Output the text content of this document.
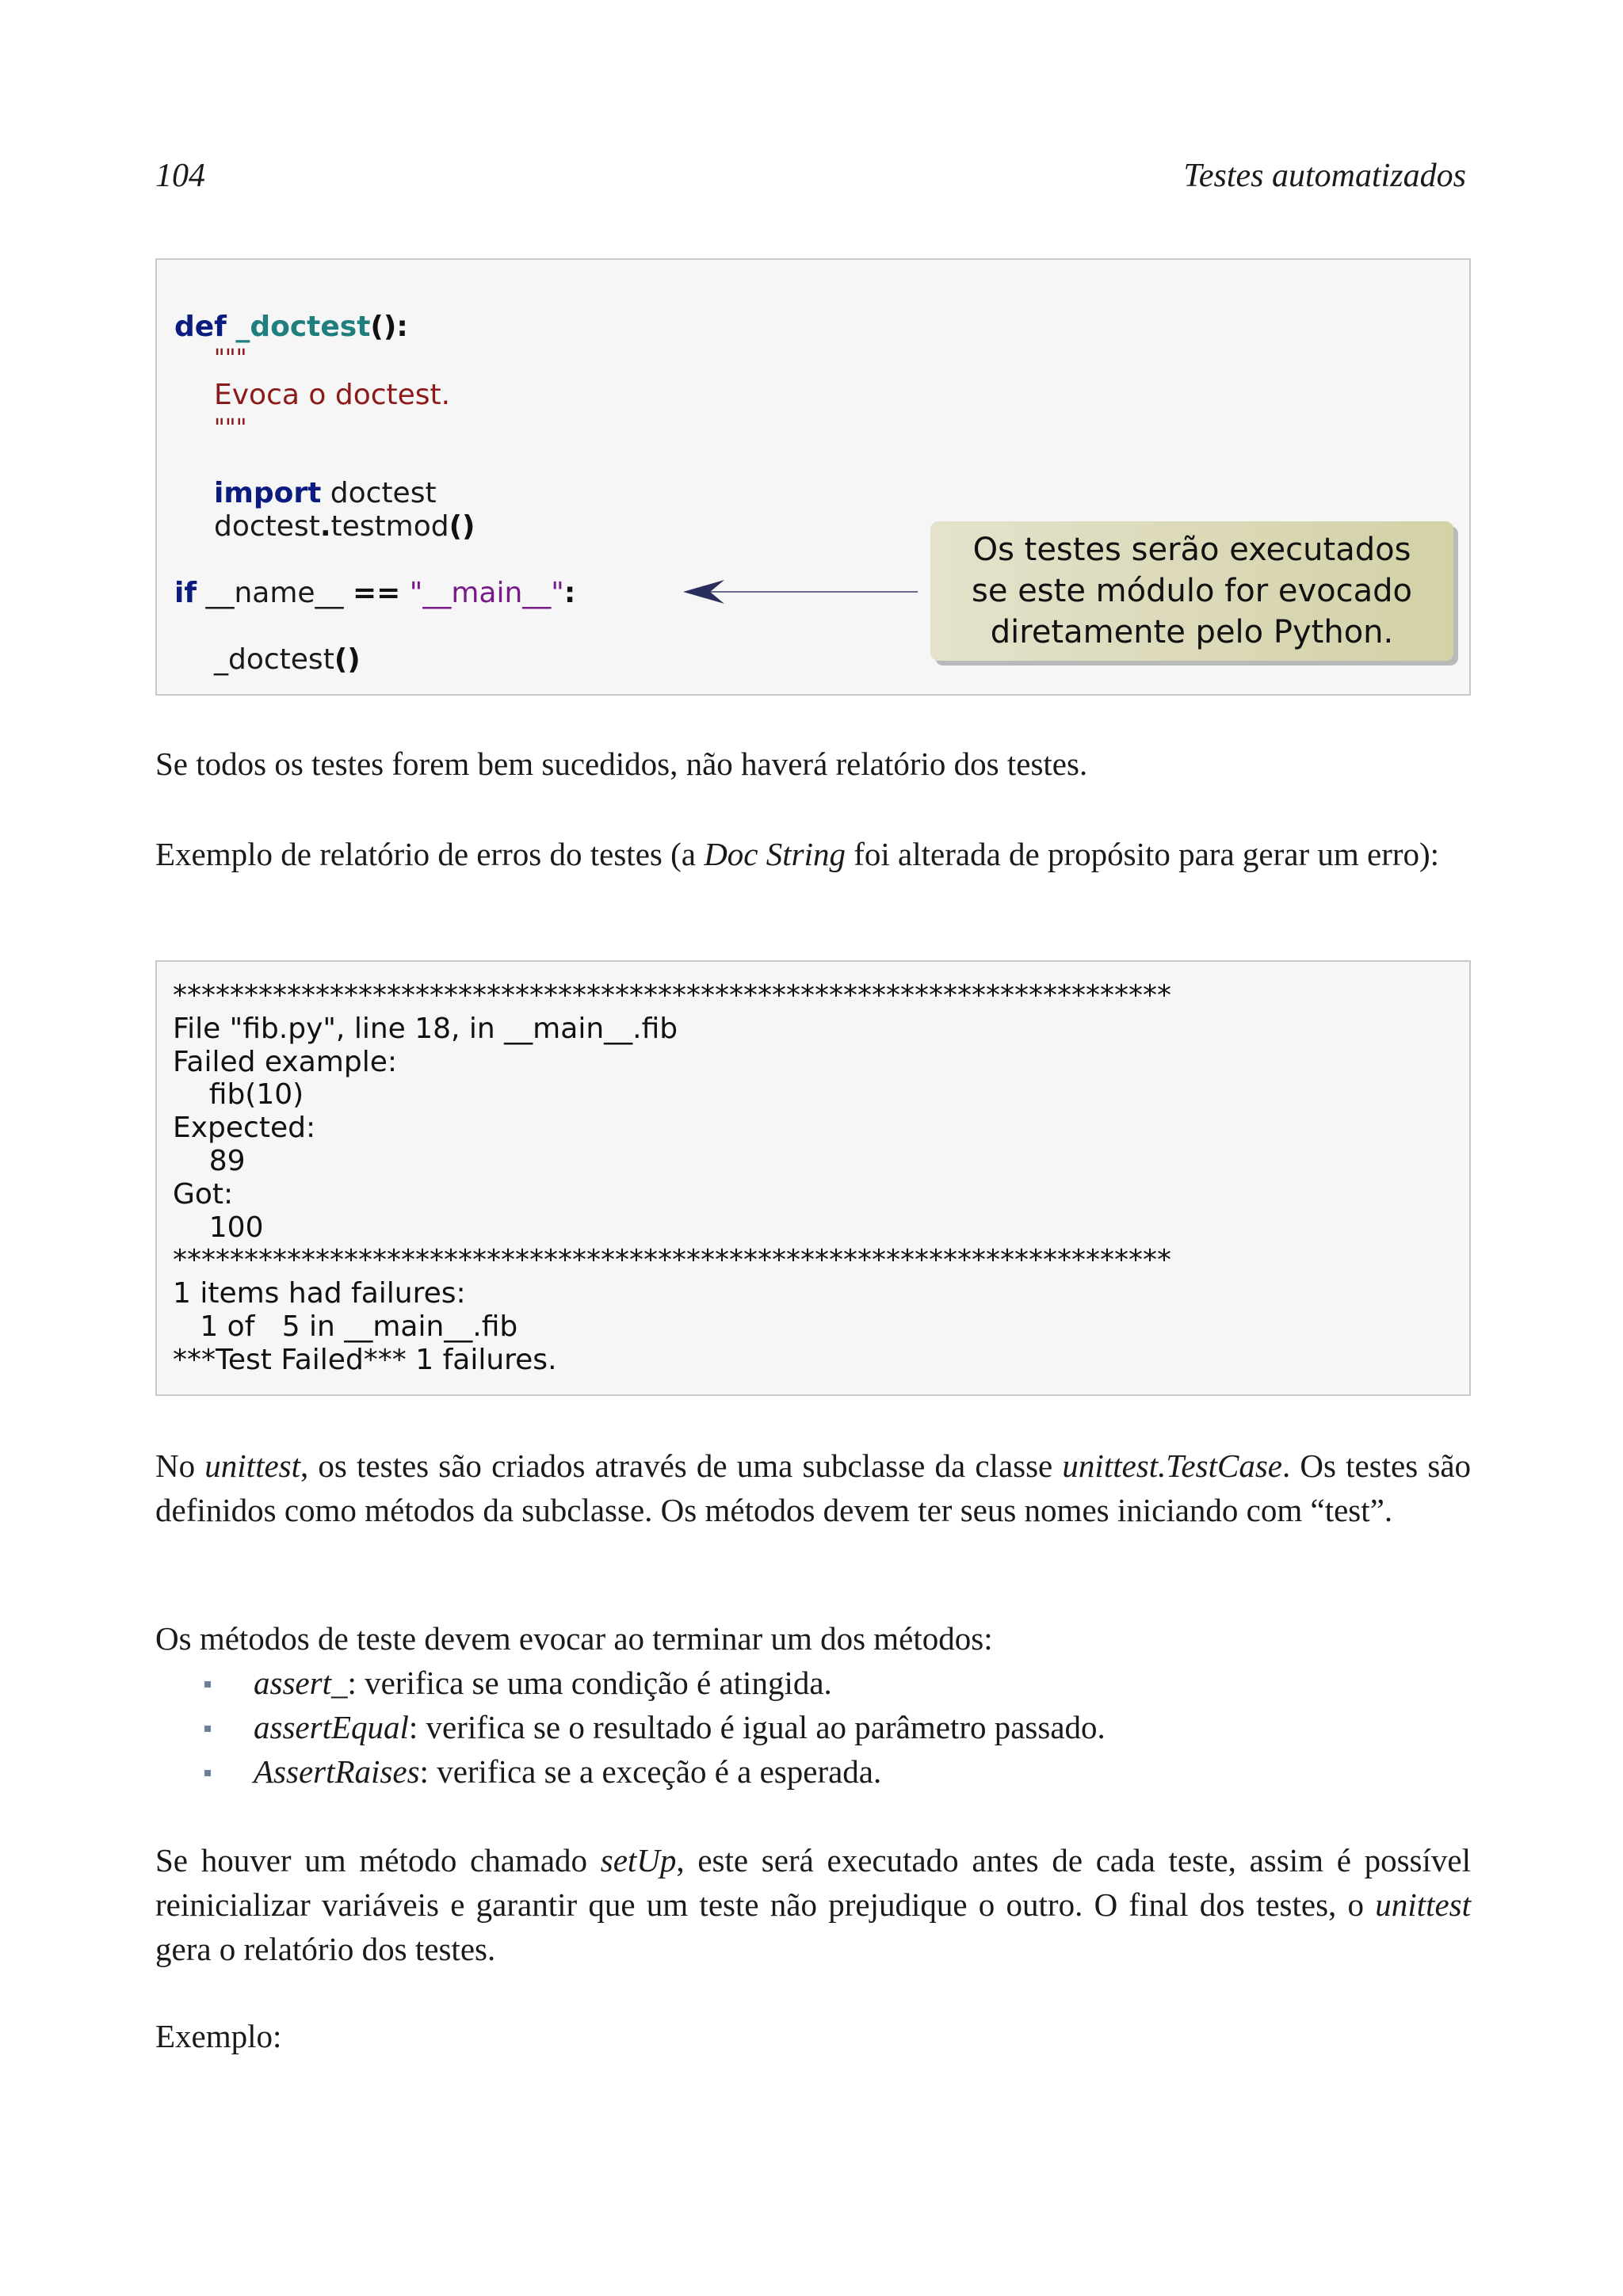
104	Testes automatizados
def _doctest():
"""
Evoca o doctest.
"""
import doctest
doctest.testmod()
if __name__ == "__main__":
_doctest()
Os testes serão executados
se este módulo for evocado
diretamente pelo Python.
Se todos os testes forem bem sucedidos, não haverá relatório dos testes.
Exemplo de relatório de erros do testes (a Doc String foi alterada de propósito para gerar um erro):
**********************************************************************
File "fib.py", line 18, in __main__.fib
Failed example:
fib(10)
Expected:
89
Got:
100
**********************************************************************
1 items had failures:
1 of   5 in __main__.fib
***Test Failed*** 1 failures.
No unittest, os testes são criados através de uma subclasse da classe unittest.TestCase. Os testes são definidos como métodos da subclasse. Os métodos devem ter seus nomes iniciando com “test”.
Os métodos de teste devem evocar ao terminar um dos métodos:
assert_: verifica se uma condição é atingida.
assertEqual: verifica se o resultado é igual ao parâmetro passado.
AssertRaises: verifica se a exceção é a esperada.
Se houver um método chamado setUp, este será executado antes de cada teste, assim é possível reinicializar variáveis e garantir que um teste não prejudique o outro. O final dos testes, o unittest gera o relatório dos testes.
Exemplo:
